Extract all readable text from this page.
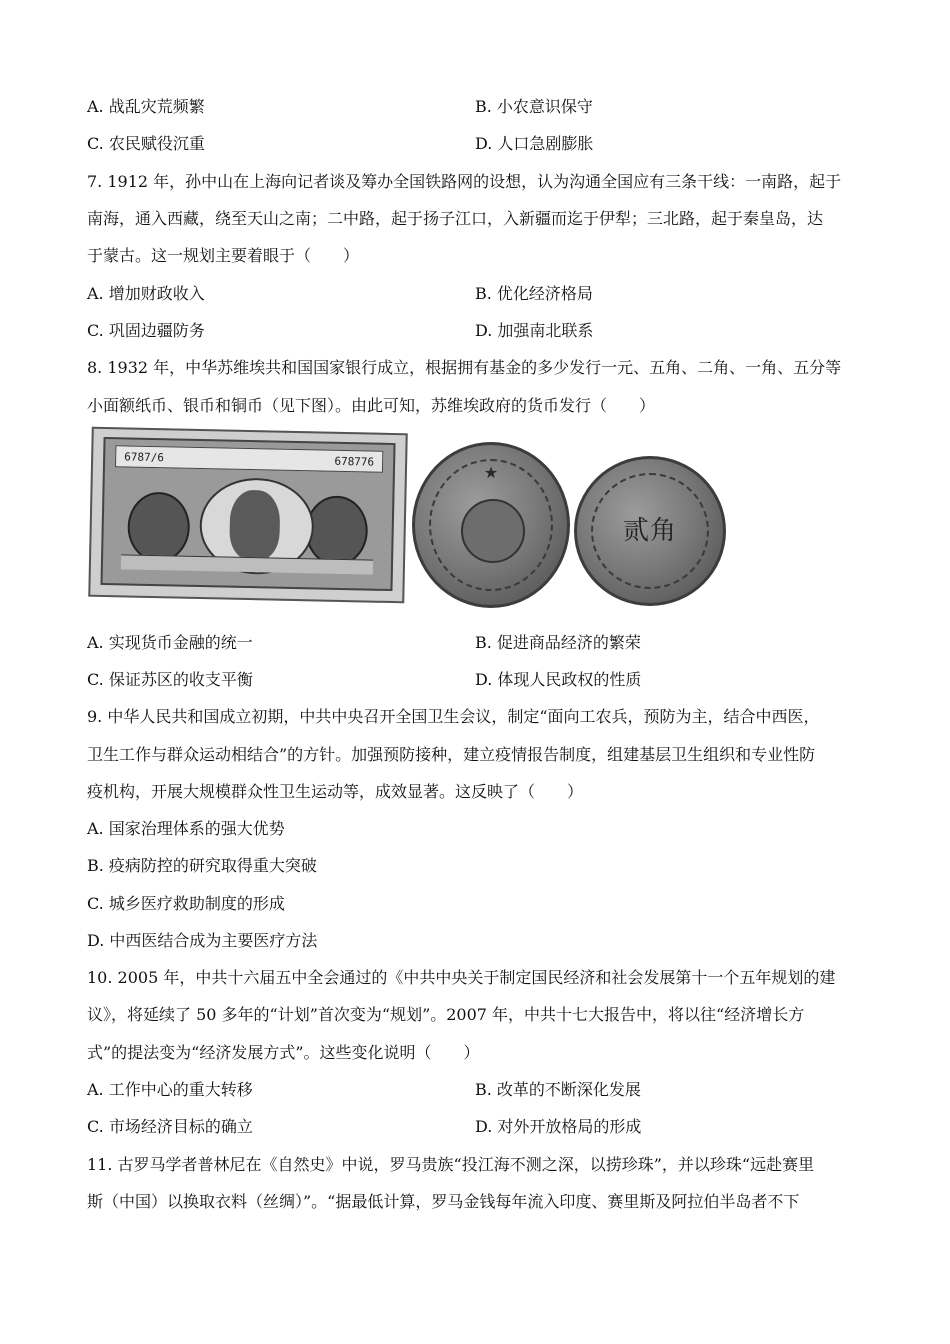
A. 战乱灾荒频繁	B. 小农意识保守
C. 农民赋役沉重	D. 人口急剧膨胀
7. 1912 年，孙中山在上海向记者谈及筹办全国铁路网的设想，认为沟通全国应有三条干线：一南路，起于
南海，通入西藏，绕至天山之南；二中路，起于扬子江口，入新疆而迄于伊犁；三北路，起于秦皇岛，达
于蒙古。这一规划主要着眼于（　　）
A. 增加财政收入	B. 优化经济格局
C. 巩固边疆防务	D. 加强南北联系
8. 1932 年，中华苏维埃共和国国家银行成立，根据拥有基金的多少发行一元、五角、二角、一角、五分等
小面额纸币、银币和铜币（见下图）。由此可知，苏维埃政府的货币发行（　　）
6787/6	678776
★
贰角
A. 实现货币金融的统一	B. 促进商品经济的繁荣
C. 保证苏区的收支平衡	D. 体现人民政权的性质
9. 中华人民共和国成立初期，中共中央召开全国卫生会议，制定“面向工农兵，预防为主，结合中西医，
卫生工作与群众运动相结合”的方针。加强预防接种，建立疫情报告制度，组建基层卫生组织和专业性防
疫机构，开展大规模群众性卫生运动等，成效显著。这反映了（　　）
A. 国家治理体系的强大优势
B. 疫病防控的研究取得重大突破
C. 城乡医疗救助制度的形成
D. 中西医结合成为主要医疗方法
10. 2005 年，中共十六届五中全会通过的《中共中央关于制定国民经济和社会发展第十一个五年规划的建
议》，将延续了 50 多年的“计划”首次变为“规划”。2007 年，中共十七大报告中，将以往“经济增长方
式”的提法变为“经济发展方式”。这些变化说明（　　）
A. 工作中心的重大转移	B. 改革的不断深化发展
C. 市场经济目标的确立	D. 对外开放格局的形成
11. 古罗马学者普林尼在《自然史》中说，罗马贵族“投江海不测之深，以捞珍珠”，并以珍珠“远赴赛里
斯（中国）以换取衣料（丝绸）”。“据最低计算，罗马金钱每年流入印度、赛里斯及阿拉伯半岛者不下
